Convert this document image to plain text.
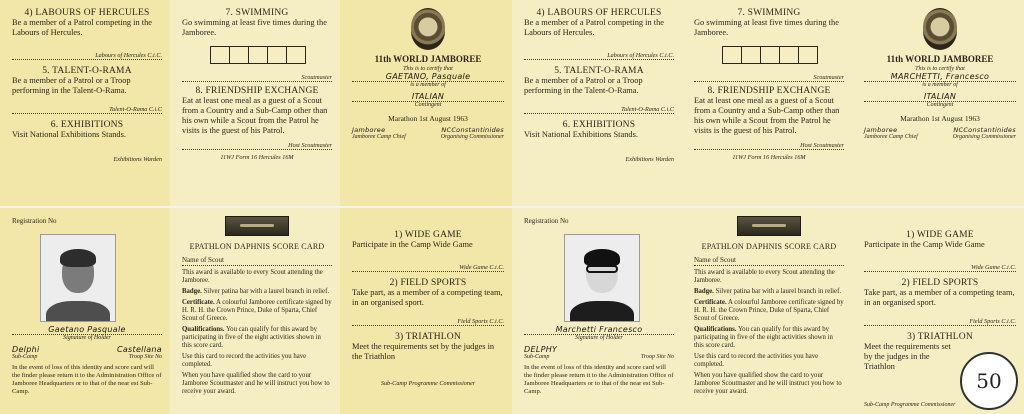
4) LABOURS OF HERCULES

Be a member of a Patrol competing in the Labours of Hercules.

Labours of Hercules C.i.C.

5. TALENT-O-RAMA

Be a member of a Patrol or a Troop performing in the Talent-O-Rama.

Talent-O-Rama C.i.C

6. EXHIBITIONS

Visit National Exhibitions Stands.

Exhibitions Warden

7. SWIMMING

Go swimming at least five times during the Jamboree.

Scoutmaster

8. FRIENDSHIP EXCHANGE

Eat at least one meal as a guest of a Scout from a Country and a Sub-Camp other than his own while a Scout from the Patrol he visits is the guest of his Patrol.

Host Scoutmaster
11WJ Form 16 Hercules 16M

11th WORLD JAMBOREE

This is to certify that
GAETANO, Pasquale
is a member of
ITALIAN
Contingent
Marathon 1st August 1963
Jamboree	NCConstantinides
Jamboree Camp Chief	Organising Commissioner
Registration No
Gaetano Pasquale
Signature of Holder
Delphi	Castellana
Sub-Camp	Troop Site No

In the event of loss of this identity and score card will the finder please return it to the Administration Office of Jamboree Headquarters or to that of the near est Sub-Camp.

EPATHLON DAPHNIS SCORE CARD

Name of Scout

This award is available to every Scout attending the Jamboree.

Badge. Silver patina bar with a laurel branch in relief.

Certificate. A colourful Jamboree certificate signed by H. R. H. the Crown Prince, Duke of Sparta, Chief Scout of Greece.

Qualifications. You can qualify for this award by participating in five of the eight activities shown in this score card.

Use this card to record the activities you have completed.

When you have qualified show the card to your Jamboree Scoutmaster and he will instruct you how to receive your award.

1) WIDE GAME

Participate in the Camp Wide Game

Wide Game C.i.C.

2) FIELD SPORTS

Take part, as a member of a competing team, in an organised sport.

Field Sports C.i.C.

3) TRIATHLON

Meet the requirements set by the judges in the Triathlon

Sub-Camp Programme Commissioner

4) LABOURS OF HERCULES

Be a member of a Patrol competing in the Labours of Hercules.

Labours of Hercules C.i.C.

5. TALENT-O-RAMA

Be a member of a Patrol or a Troop performing in the Talent-O-Rama.

Talent-O-Rama C.i.C

6. EXHIBITIONS

Visit National Exhibitions Stands.

Exhibitions Warden

7. SWIMMING

Go swimming at least five times during the Jamboree.

Scoutmaster

8. FRIENDSHIP EXCHANGE

Eat at least one meal as a guest of a Scout from a Country and a Sub-Camp other than his own while a Scout from the Patrol he visits is the guest of his Patrol.

Host Scoutmaster
11WJ Form 16 Hercules 16M

11th WORLD JAMBOREE

This is to certify that
MARCHETTI, Francesco
is a member of
ITALIAN
Contingent
Marathon 1st August 1963
Jamboree	NCConstantinides
Jamboree Camp Chief	Organising Commissioner
Registration No
Marchetti Francesco
Signature of Holder
DELPHY
Sub-Camp	Troop Site No

In the event of loss of this identity and score card will the finder please return it to the Administration Office of Jamboree Headquarters or to that of the near est Sub-Camp.

EPATHLON DAPHNIS SCORE CARD

Name of Scout

This award is available to every Scout attending the Jamboree.

Badge. Silver patina bar with a laurel branch in relief.

Certificate. A colourful Jamboree certificate signed by H. R. H. the Crown Prince, Duke of Sparta, Chief Scout of Greece.

Qualifications. You can qualify for this award by participating in five of the eight activities shown in this score card.

Use this card to record the activities you have completed.

When you have qualified show the card to your Jamboree Scoutmaster and he will instruct you how to receive your award.

1) WIDE GAME

Participate in the Camp Wide Game

Wide Game C.i.C.

2) FIELD SPORTS

Take part, as a member of a competing team, in an organised sport.

Field Sports C.i.C.

3) TRIATHLON

Meet the requirements set by the judges in the Triathlon

Sub-Camp Programme Commissioner
50
